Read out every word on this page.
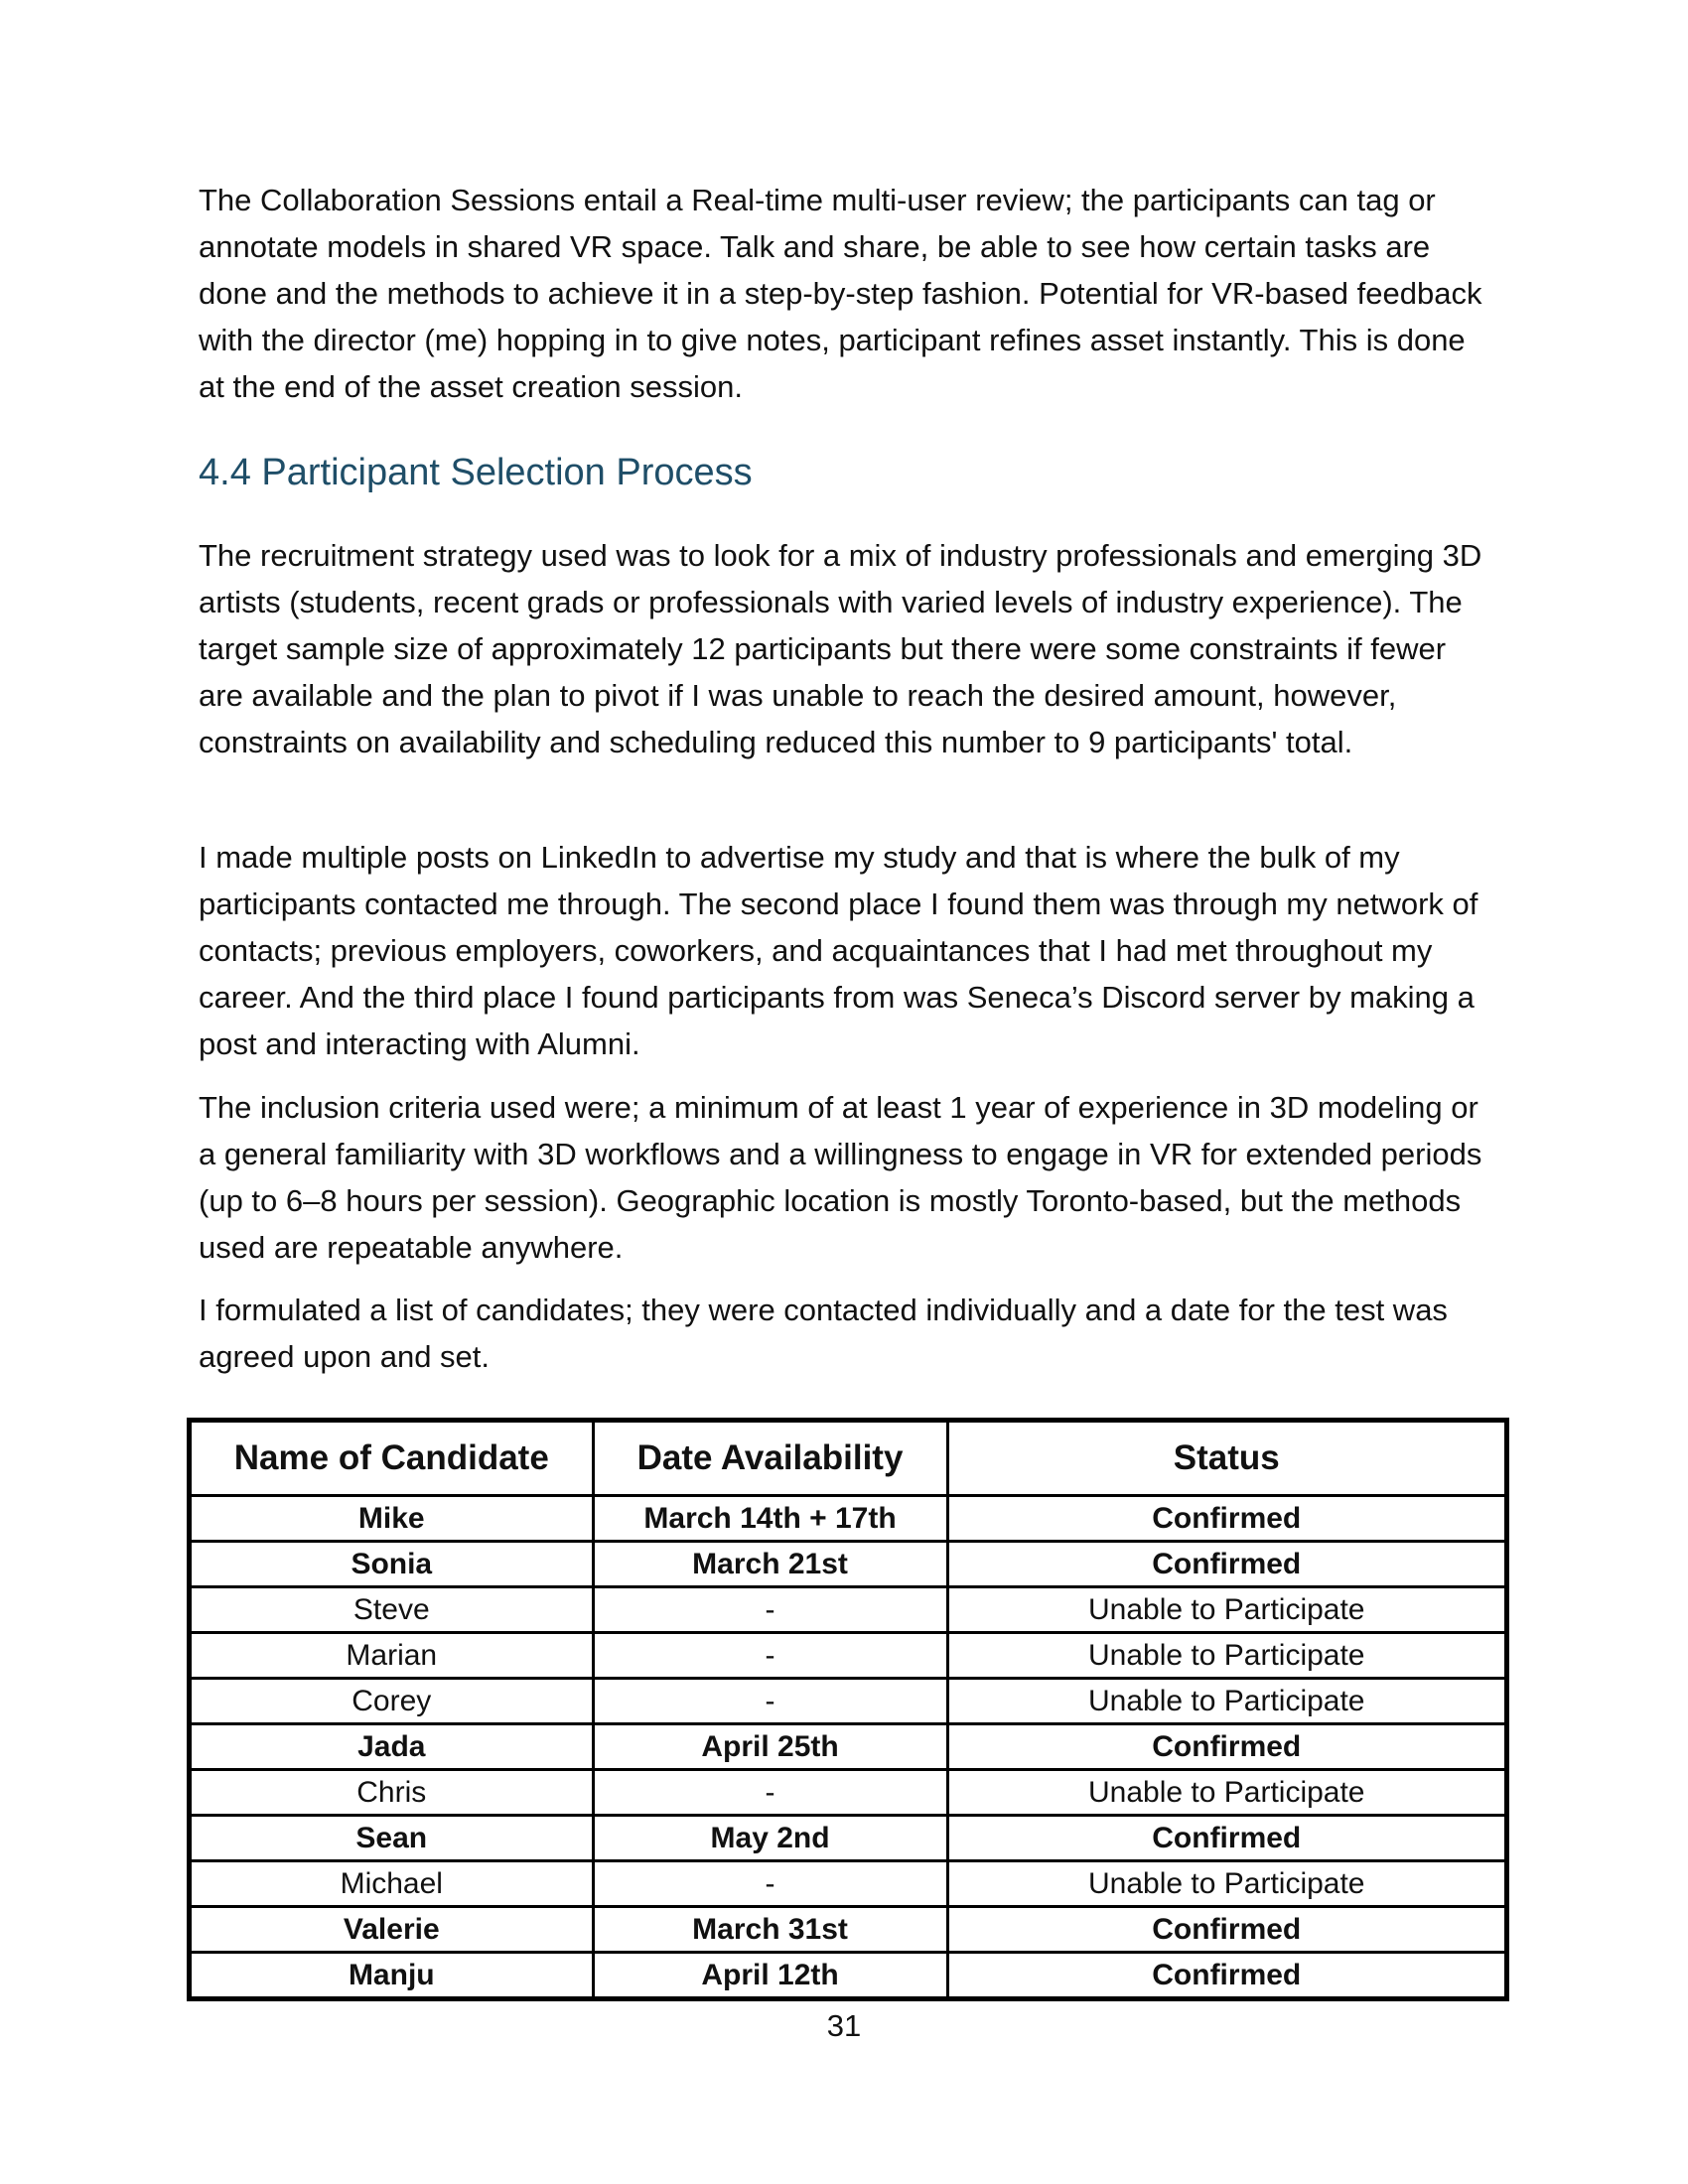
The Collaboration Sessions entail a Real-time multi-user review; the participants can tag or annotate models in shared VR space. Talk and share, be able to see how certain tasks are done and the methods to achieve it in a step-by-step fashion. Potential for VR-based feedback with the director (me) hopping in to give notes, participant refines asset instantly. This is done at the end of the asset creation session.

4.4 Participant Selection Process

The recruitment strategy used was to look for a mix of industry professionals and emerging 3D artists (students, recent grads or professionals with varied levels of industry experience). The target sample size of approximately 12 participants but there were some constraints if fewer are available and the plan to pivot if I was unable to reach the desired amount, however, constraints on availability and scheduling reduced this number to 9 participants' total.

I made multiple posts on LinkedIn to advertise my study and that is where the bulk of my participants contacted me through. The second place I found them was through my network of contacts; previous employers, coworkers, and acquaintances that I had met throughout my career. And the third place I found participants from was Seneca’s Discord server by making a post and interacting with Alumni.

The inclusion criteria used were; a minimum of at least 1 year of experience in 3D modeling or a general familiarity with 3D workflows and a willingness to engage in VR for extended periods (up to 6–8 hours per session). Geographic location is mostly Toronto-based, but the methods used are repeatable anywhere.

I formulated a list of candidates; they were contacted individually and a date for the test was agreed upon and set.

Name of Candidate	Date Availability	Status
Mike	March 14th + 17th	Confirmed
Sonia	March 21st	Confirmed
Steve	-	Unable to Participate
Marian	-	Unable to Participate
Corey	-	Unable to Participate
Jada	April 25th	Confirmed
Chris	-	Unable to Participate
Sean	May 2nd	Confirmed
Michael	-	Unable to Participate
Valerie	March 31st	Confirmed
Manju	April 12th	Confirmed
31
